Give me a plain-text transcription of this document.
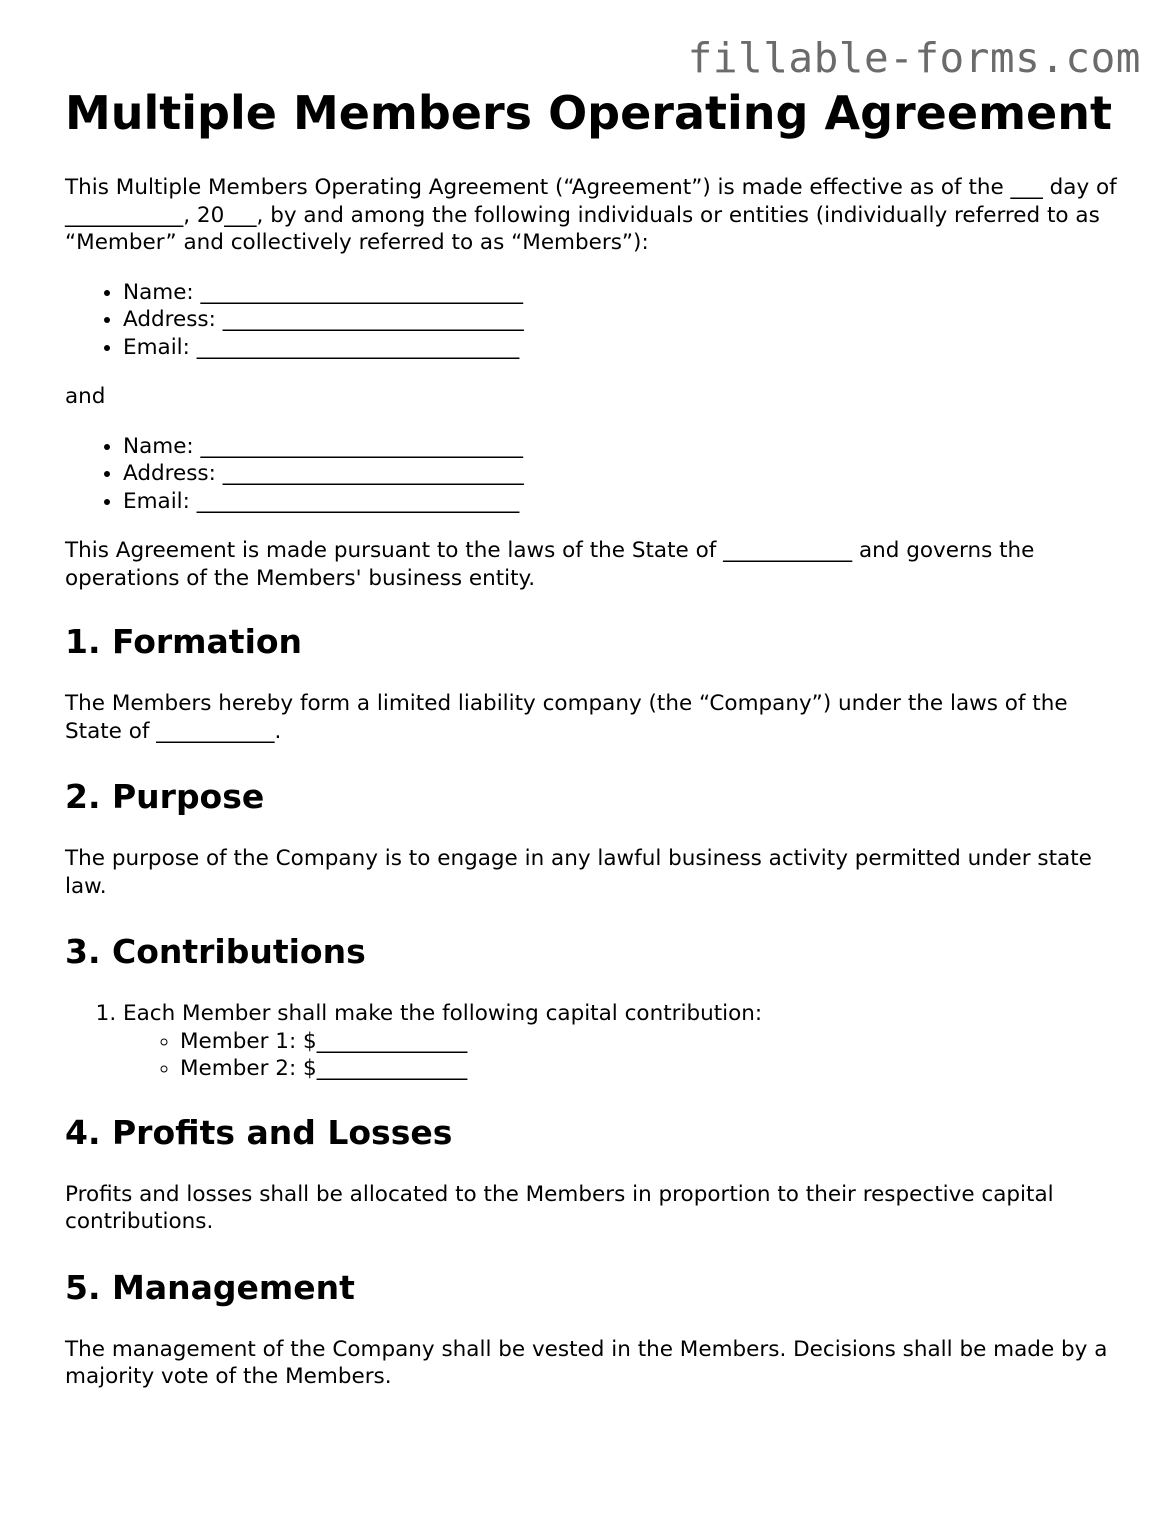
fillable-forms.com
Multiple Members Operating Agreement

This Multiple Members Operating Agreement (“Agreement”) is made effective as of the ___ day of ___________, 20___, by and among the following individuals or entities (individually referred to as “Member” and collectively referred to as “Members”):

• Name: ______________________________
• Address: ____________________________
• Email: ______________________________

and

• Name: ______________________________
• Address: ____________________________
• Email: ______________________________

This Agreement is made pursuant to the laws of the State of ____________ and governs the operations of the Members' business entity.

1. Formation

The Members hereby form a limited liability company (the “Company”) under the laws of the State of ___________.

2. Purpose

The purpose of the Company is to engage in any lawful business activity permitted under state law.

3. Contributions
1. Each Member shall make the following capital contribution:
◦ Member 1: $______________
◦ Member 2: $______________
4. Profits and Losses

Profits and losses shall be allocated to the Members in proportion to their respective capital contributions.

5. Management

The management of the Company shall be vested in the Members. Decisions shall be made by a majority vote of the Members.
